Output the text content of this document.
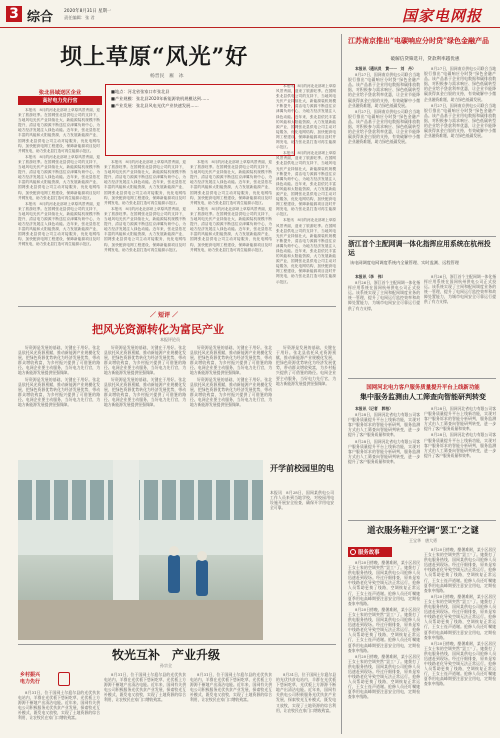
3 综合 2020年8月31日 星期一
责任编辑：张 君	国家电网报
坝上草原“风光”好
杨晋民　雁　冰
张北县域送区企业
高好电力先行官
■地点：河北省张家口市张北县
■产业规模：张北县2020年新能源装机规模达到……
■产业发展：张北县风电光伏产业快速发展……

本报讯　8月的河北北部坝上草原风景秀丽，迎来了旅游旺季。在国网张北县供电公司的支持下，当地风电光伏产业持续壮大，新能源装机规模不断提升，清洁电力源源不断送往京津冀负荷中心，为地方经济发展注入绿色动能。近年来，张北县依托丰富的风能和太阳能资源，大力发展新能源产业，国网张北县供电公司主动对接服务，优化电网结构，加快配套电网工程建设，保障新能源项目及时并网发电，助力张北县打造可再生能源示范区。

本报讯　8月的河北北部坝上草原风景秀丽，迎来了旅游旺季。在国网张北县供电公司的支持下，当地风电光伏产业持续壮大，新能源装机规模不断提升，清洁电力源源不断送往京津冀负荷中心，为地方经济发展注入绿色动能。近年来，张北县依托丰富的风能和太阳能资源，大力发展新能源产业，国网张北县供电公司主动对接服务，优化电网结构，加快配套电网工程建设，保障新能源项目及时并网发电，助力张北县打造可再生能源示范区。

本报讯　8月的河北北部坝上草原风景秀丽，迎来了旅游旺季。在国网张北县供电公司的支持下，当地风电光伏产业持续壮大，新能源装机规模不断提升，清洁电力源源不断送往京津冀负荷中心，为地方经济发展注入绿色动能。近年来，张北县依托丰富的风能和太阳能资源，大力发展新能源产业，国网张北县供电公司主动对接服务，优化电网结构，加快配套电网工程建设，保障新能源项目及时并网发电，助力张北县打造可再生能源示范区。

本报讯　8月的河北北部坝上草原风景秀丽，迎来了旅游旺季。在国网张北县供电公司的支持下，当地风电光伏产业持续壮大，新能源装机规模不断提升，清洁电力源源不断送往京津冀负荷中心，为地方经济发展注入绿色动能。近年来，张北县依托丰富的风能和太阳能资源，大力发展新能源产业，国网张北县供电公司主动对接服务，优化电网结构，加快配套电网工程建设，保障新能源项目及时并网发电，助力张北县打造可再生能源示范区。

本报讯　8月的河北北部坝上草原风景秀丽，迎来了旅游旺季。在国网张北县供电公司的支持下，当地风电光伏产业持续壮大，新能源装机规模不断提升，清洁电力源源不断送往京津冀负荷中心，为地方经济发展注入绿色动能。近年来，张北县依托丰富的风能和太阳能资源，大力发展新能源产业，国网张北县供电公司主动对接服务，优化电网结构，加快配套电网工程建设，保障新能源项目及时并网发电，助力张北县打造可再生能源示范区。

本报讯　8月的河北北部坝上草原风景秀丽，迎来了旅游旺季。在国网张北县供电公司的支持下，当地风电光伏产业持续壮大，新能源装机规模不断提升，清洁电力源源不断送往京津冀负荷中心，为地方经济发展注入绿色动能。近年来，张北县依托丰富的风能和太阳能资源，大力发展新能源产业，国网张北县供电公司主动对接服务，优化电网结构，加快配套电网工程建设，保障新能源项目及时并网发电，助力张北县打造可再生能源示范区。

本报讯　8月的河北北部坝上草原风景秀丽，迎来了旅游旺季。在国网张北县供电公司的支持下，当地风电光伏产业持续壮大，新能源装机规模不断提升，清洁电力源源不断送往京津冀负荷中心，为地方经济发展注入绿色动能。近年来，张北县依托丰富的风能和太阳能资源，大力发展新能源产业，国网张北县供电公司主动对接服务，优化电网结构，加快配套电网工程建设，保障新能源项目及时并网发电，助力张北县打造可再生能源示范区。

本报讯　8月的河北北部坝上草原风景秀丽，迎来了旅游旺季。在国网张北县供电公司的支持下，当地风电光伏产业持续壮大，新能源装机规模不断提升，清洁电力源源不断送往京津冀负荷中心，为地方经济发展注入绿色动能。近年来，张北县依托丰富的风能和太阳能资源，大力发展新能源产业，国网张北县供电公司主动对接服务，优化电网结构，加快配套电网工程建设，保障新能源项目及时并网发电，助力张北县打造可再生能源示范区。

本报讯　8月的河北北部坝上草原风景秀丽，迎来了旅游旺季。在国网张北县供电公司的支持下，当地风电光伏产业持续壮大，新能源装机规模不断提升，清洁电力源源不断送往京津冀负荷中心，为地方经济发展注入绿色动能。近年来，张北县依托丰富的风能和太阳能资源，大力发展新能源产业，国网张北县供电公司主动对接服务，优化电网结构，加快配套电网工程建设，保障新能源项目及时并网发电，助力张北县打造可再生能源示范区。

本报讯　8月的河北北部坝上草原风景秀丽，迎来了旅游旺季。在国网张北县供电公司的支持下，当地风电光伏产业持续壮大，新能源装机规模不断提升，清洁电力源源不断送往京津冀负荷中心，为地方经济发展注入绿色动能。近年来，张北县依托丰富的风能和太阳能资源，大力发展新能源产业，国网张北县供电公司主动对接服务，优化电网结构，加快配套电网工程建设，保障新能源项目及时并网发电，助力张北县打造可再生能源示范区。

／ 短评 ／
把风光资源转化为富民产业
本报评论员

好资源是发展的基础，关键在于用好。张北县依托风光资源禀赋，推动新能源产业规模化发展，把绿色资源优势转化为经济发展优势，带动群众增收致富，为乡村振兴提供了可借鉴的路径。电网企业要主动服务，当好电力先行官，为地方新能源发展提供坚强保障。

好资源是发展的基础，关键在于用好。张北县依托风光资源禀赋，推动新能源产业规模化发展，把绿色资源优势转化为经济发展优势，带动群众增收致富，为乡村振兴提供了可借鉴的路径。电网企业要主动服务，当好电力先行官，为地方新能源发展提供坚强保障。

好资源是发展的基础，关键在于用好。张北县依托风光资源禀赋，推动新能源产业规模化发展，把绿色资源优势转化为经济发展优势，带动群众增收致富，为乡村振兴提供了可借鉴的路径。电网企业要主动服务，当好电力先行官，为地方新能源发展提供坚强保障。

好资源是发展的基础，关键在于用好。张北县依托风光资源禀赋，推动新能源产业规模化发展，把绿色资源优势转化为经济发展优势，带动群众增收致富，为乡村振兴提供了可借鉴的路径。电网企业要主动服务，当好电力先行官，为地方新能源发展提供坚强保障。

好资源是发展的基础，关键在于用好。张北县依托风光资源禀赋，推动新能源产业规模化发展，把绿色资源优势转化为经济发展优势，带动群众增收致富，为乡村振兴提供了可借鉴的路径。电网企业要主动服务，当好电力先行官，为地方新能源发展提供坚强保障。

好资源是发展的基础，关键在于用好。张北县依托风光资源禀赋，推动新能源产业规模化发展，把绿色资源优势转化为经济发展优势，带动群众增收致富，为乡村振兴提供了可借鉴的路径。电网企业要主动服务，当好电力先行官，为地方新能源发展提供坚强保障。

好资源是发展的基础，关键在于用好。张北县依托风光资源禀赋，推动新能源产业规模化发展，把绿色资源优势转化为经济发展优势，带动群众增收致富，为乡村振兴提供了可借鉴的路径。电网企业要主动服务，当好电力先行官，为地方新能源发展提供坚强保障。

开学前校园里的电
本报讯　8月28日，国网某供电公司工作人员来到当地学校，对校园用电设施开展安全检查，确保开学用电安全可靠。
牧光互补　产业升级
孙宗全
乡村振兴
电力先行

8月31日，位于国网土尔扈尔县的光伏扶贫电站内，羊群在光伏板下悠闲吃草，光伏板上方源源不断地产出清洁电能。近年来，国网有关供电公司积极服务光伏扶贫产业发展，探索牧光互补模式，既发电又放牧，实现了土地资源的综合利用，让农牧民在家门口增收致富。

8月31日，位于国网土尔扈尔县的光伏扶贫电站内，羊群在光伏板下悠闲吃草，光伏板上方源源不断地产出清洁电能。近年来，国网有关供电公司积极服务光伏扶贫产业发展，探索牧光互补模式，既发电又放牧，实现了土地资源的综合利用，让农牧民在家门口增收致富。

8月31日，位于国网土尔扈尔县的光伏扶贫电站内，羊群在光伏板下悠闲吃草，光伏板上方源源不断地产出清洁电能。近年来，国网有关供电公司积极服务光伏扶贫产业发展，探索牧光互补模式，既发电又放牧，实现了土地资源的综合利用，让农牧民在家门口增收致富。

8月31日，位于国网土尔扈尔县的光伏扶贫电站内，羊群在光伏板下悠闲吃草，光伏板上方源源不断地产出清洁电能。近年来，国网有关供电公司积极服务光伏扶贫产业发展，探索牧光互补模式，既发电又放牧，实现了土地资源的综合利用，让农牧民在家门口增收致富。

江苏南京推出“电碳响应分时贷”绿色金融产品
破解信贷筛选开，贷款利率越优惠

本报讯（通讯员　黄一一　刘　丹）

8月27日，国网南京供电公司联合当地银行推出“电碳响应分时贷”绿色金融产品。该产品基于企业用电数据和碳排放数据，对积极参与需求响应、绿色低碳转型的企业给予贷款利率优惠，让企业节能降碳获得真金白银的支持，有效破解中小微企业融资难题，助力绿色低碳发展。

8月27日，国网南京供电公司联合当地银行推出“电碳响应分时贷”绿色金融产品。该产品基于企业用电数据和碳排放数据，对积极参与需求响应、绿色低碳转型的企业给予贷款利率优惠，让企业节能降碳获得真金白银的支持，有效破解中小微企业融资难题，助力绿色低碳发展。

8月27日，国网南京供电公司联合当地银行推出“电碳响应分时贷”绿色金融产品。该产品基于企业用电数据和碳排放数据，对积极参与需求响应、绿色低碳转型的企业给予贷款利率优惠，让企业节能降碳获得真金白银的支持，有效破解中小微企业融资难题，助力绿色低碳发展。

8月27日，国网南京供电公司联合当地银行推出“电碳响应分时贷”绿色金融产品。该产品基于企业用电数据和碳排放数据，对积极参与需求响应、绿色低碳转型的企业给予贷款利率优惠，让企业节能降碳获得真金白银的支持，有效破解中小微企业融资难题，助力绿色低碳发展。

浙江首个主配网调一体化指挥应用系统在杭州投运
该电网调度电网调度系统内全量管理、实时监测、远程管理

本报讯（李　伟）

8月26日，浙江首个主配网调一体化指挥应用系统在国网杭州供电公司正式投运。该系统实现了主网和配网调度业务的统一管理，提升了电网运行监控效率和故障处置能力，为城市电网安全可靠运行提供了有力支撑。

8月26日，浙江首个主配网调一体化指挥应用系统在国网杭州供电公司正式投运。该系统实现了主网和配网调度业务的统一管理，提升了电网运行监控效率和故障处置能力，为城市电网安全可靠运行提供了有力支撑。

国网河北电力客户服务质量提升平台上线新功能
集中服务监测由人工筛查向智能研判转变

本报讯（记者　郭柏）

8月28日，国网河北省电力有限公司客户服务质量提升平台上线新功能，实现对客户服务诉求的智能分析研判，服务监测方式由人工筛查向智能研判转变，进一步提升了客户服务质量和效率。

8月28日，国网河北省电力有限公司客户服务质量提升平台上线新功能，实现对客户服务诉求的智能分析研判，服务监测方式由人工筛查向智能研判转变，进一步提升了客户服务质量和效率。

8月28日，国网河北省电力有限公司客户服务质量提升平台上线新功能，实现对客户服务诉求的智能分析研判，服务监测方式由人工筛查向智能研判转变，进一步提升了客户服务质量和效率。

8月28日，国网河北省电力有限公司客户服务质量提升平台上线新功能，实现对客户服务诉求的智能分析研判，服务监测方式由人工筛查向智能研判转变，进一步提升了客户服务质量和效率。

道衣服务鞋开空调“罢工”之谜
王宝华　唐大勇
服务故事

8月20日傍晚，酷暑难耐，某小区居民王女士家的空调突然“罢工”了。她拨打了供电服务热线，国网某供电公司抢修人员迅速赶到现场。经过仔细排查，原来是家中线路老化导致空调无法正常运行。抢修人员帮助更换了线路，空调恢复正常运行，王女士连声道谢。抢修人员还叮嘱她夏季用电高峰期要注意安全用电，定期检查家中线路。

8月20日傍晚，酷暑难耐，某小区居民王女士家的空调突然“罢工”了。她拨打了供电服务热线，国网某供电公司抢修人员迅速赶到现场。经过仔细排查，原来是家中线路老化导致空调无法正常运行。抢修人员帮助更换了线路，空调恢复正常运行，王女士连声道谢。抢修人员还叮嘱她夏季用电高峰期要注意安全用电，定期检查家中线路。

8月20日傍晚，酷暑难耐，某小区居民王女士家的空调突然“罢工”了。她拨打了供电服务热线，国网某供电公司抢修人员迅速赶到现场。经过仔细排查，原来是家中线路老化导致空调无法正常运行。抢修人员帮助更换了线路，空调恢复正常运行，王女士连声道谢。抢修人员还叮嘱她夏季用电高峰期要注意安全用电，定期检查家中线路。

8月20日傍晚，酷暑难耐，某小区居民王女士家的空调突然“罢工”了。她拨打了供电服务热线，国网某供电公司抢修人员迅速赶到现场。经过仔细排查，原来是家中线路老化导致空调无法正常运行。抢修人员帮助更换了线路，空调恢复正常运行，王女士连声道谢。抢修人员还叮嘱她夏季用电高峰期要注意安全用电，定期检查家中线路。

8月20日傍晚，酷暑难耐，某小区居民王女士家的空调突然“罢工”了。她拨打了供电服务热线，国网某供电公司抢修人员迅速赶到现场。经过仔细排查，原来是家中线路老化导致空调无法正常运行。抢修人员帮助更换了线路，空调恢复正常运行，王女士连声道谢。抢修人员还叮嘱她夏季用电高峰期要注意安全用电，定期检查家中线路。

8月20日傍晚，酷暑难耐，某小区居民王女士家的空调突然“罢工”了。她拨打了供电服务热线，国网某供电公司抢修人员迅速赶到现场。经过仔细排查，原来是家中线路老化导致空调无法正常运行。抢修人员帮助更换了线路，空调恢复正常运行，王女士连声道谢。抢修人员还叮嘱她夏季用电高峰期要注意安全用电，定期检查家中线路。
